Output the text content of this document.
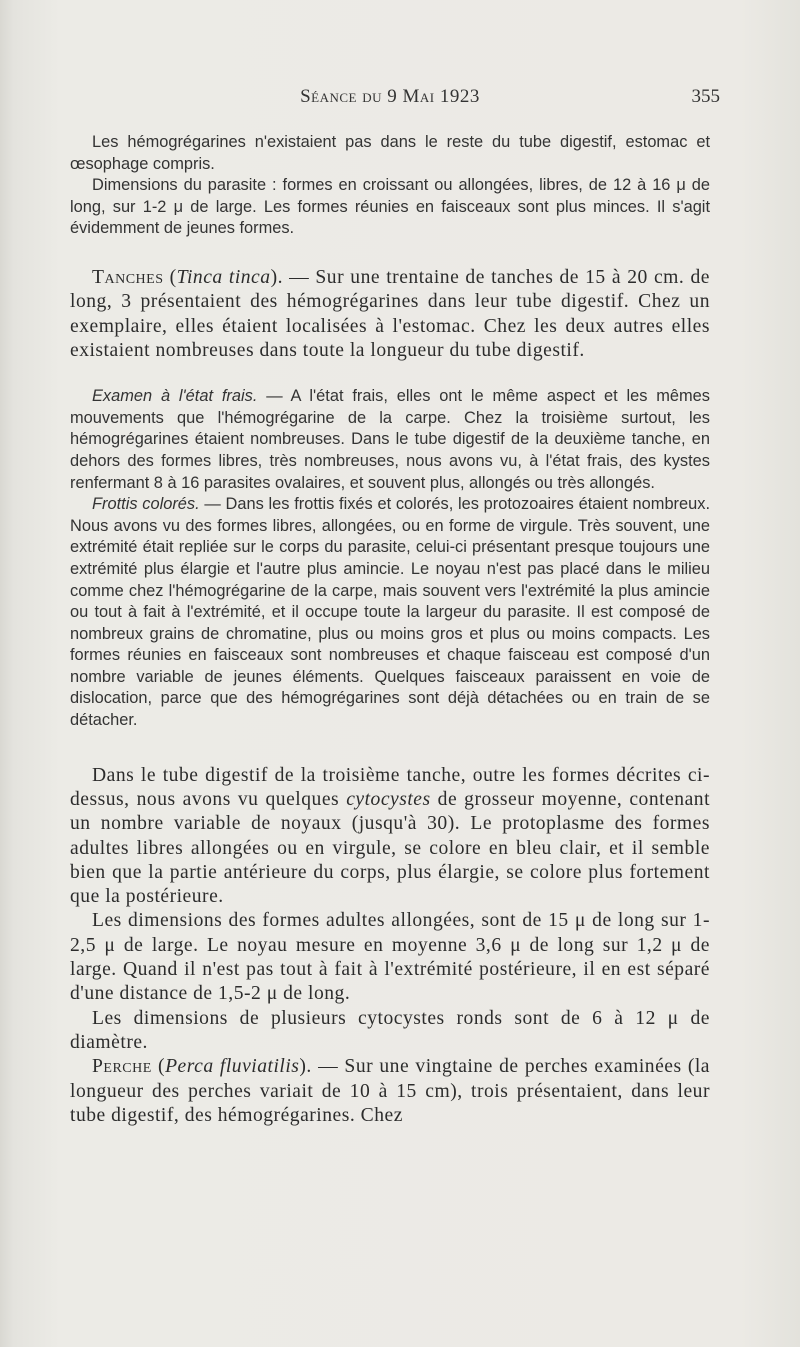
Séance du 9 Mai 1923	355

Les hémogrégarines n'existaient pas dans le reste du tube digestif, estomac et œsophage compris.

Dimensions du parasite : formes en croissant ou allongées, libres, de 12 à 16 μ de long, sur 1-2 μ de large. Les formes réunies en faisceaux sont plus minces. Il s'agit évidemment de jeunes formes.

Tanches (Tinca tinca). — Sur une trentaine de tanches de 15 à 20 cm. de long, 3 présentaient des hémogrégarines dans leur tube digestif. Chez un exemplaire, elles étaient localisées à l'estomac. Chez les deux autres elles existaient nombreuses dans toute la longueur du tube digestif.

Examen à l'état frais. — A l'état frais, elles ont le même aspect et les mêmes mouvements que l'hémogrégarine de la carpe. Chez la troisième surtout, les hémogrégarines étaient nombreuses. Dans le tube digestif de la deuxième tanche, en dehors des formes libres, très nombreuses, nous avons vu, à l'état frais, des kystes renfermant 8 à 16 parasites ovalaires, et souvent plus, allongés ou très allongés.

Frottis colorés. — Dans les frottis fixés et colorés, les protozoaires étaient nombreux. Nous avons vu des formes libres, allongées, ou en forme de virgule. Très souvent, une extrémité était repliée sur le corps du parasite, celui-ci présentant presque toujours une extrémité plus élargie et l'autre plus amincie. Le noyau n'est pas placé dans le milieu comme chez l'hémogrégarine de la carpe, mais souvent vers l'extrémité la plus amincie ou tout à fait à l'extrémité, et il occupe toute la largeur du parasite. Il est composé de nombreux grains de chromatine, plus ou moins gros et plus ou moins compacts. Les formes réunies en faisceaux sont nombreuses et chaque faisceau est composé d'un nombre variable de jeunes éléments. Quelques faisceaux paraissent en voie de dislocation, parce que des hémogrégarines sont déjà détachées ou en train de se détacher.

Dans le tube digestif de la troisième tanche, outre les formes décrites ci-dessus, nous avons vu quelques cytocystes de grosseur moyenne, contenant un nombre variable de noyaux (jusqu'à 30). Le protoplasme des formes adultes libres allongées ou en virgule, se colore en bleu clair, et il semble bien que la partie antérieure du corps, plus élargie, se colore plus fortement que la postérieure.

Les dimensions des formes adultes allongées, sont de 15 μ de long sur 1-2,5 μ de large. Le noyau mesure en moyenne 3,6 μ de long sur 1,2 μ de large. Quand il n'est pas tout à fait à l'extrémité postérieure, il en est séparé d'une distance de 1,5-2 μ de long.

Les dimensions de plusieurs cytocystes ronds sont de 6 à 12 μ de diamètre.

Perche (Perca fluviatilis). — Sur une vingtaine de perches examinées (la longueur des perches variait de 10 à 15 cm), trois présentaient, dans leur tube digestif, des hémogrégarines. Chez
